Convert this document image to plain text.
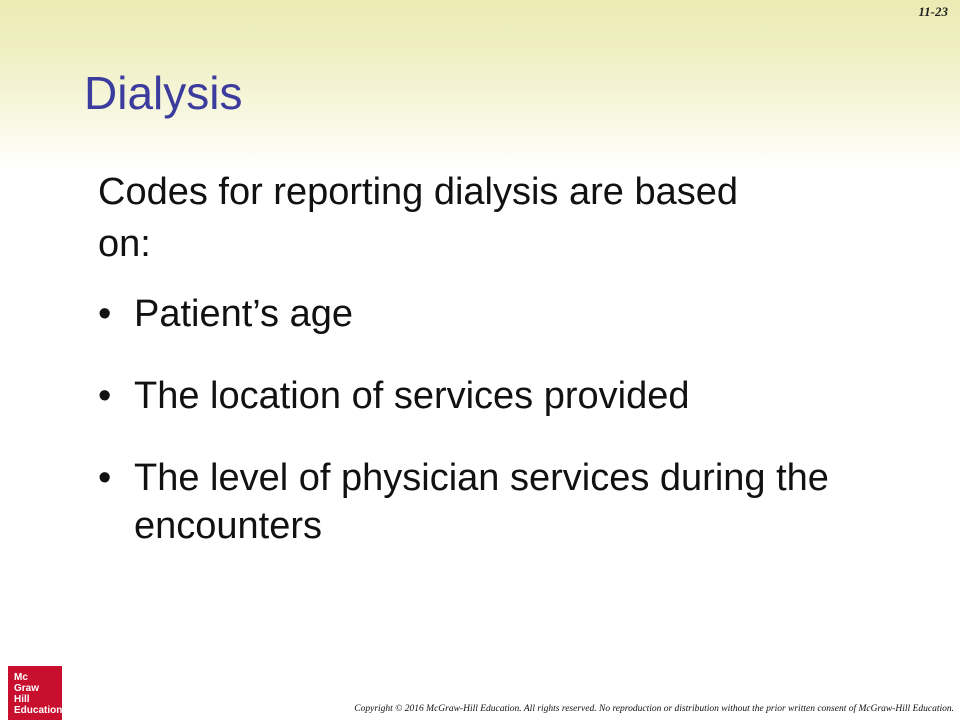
11-23
Dialysis
Codes for reporting dialysis are based on:
• Patient’s age
• The location of services provided
• The level of physician services during the encounters
Mc
Graw
Hill
Education	Copyright © 2016 McGraw-Hill Education. All rights reserved. No reproduction or distribution without the prior written consent of McGraw-Hill Education.
